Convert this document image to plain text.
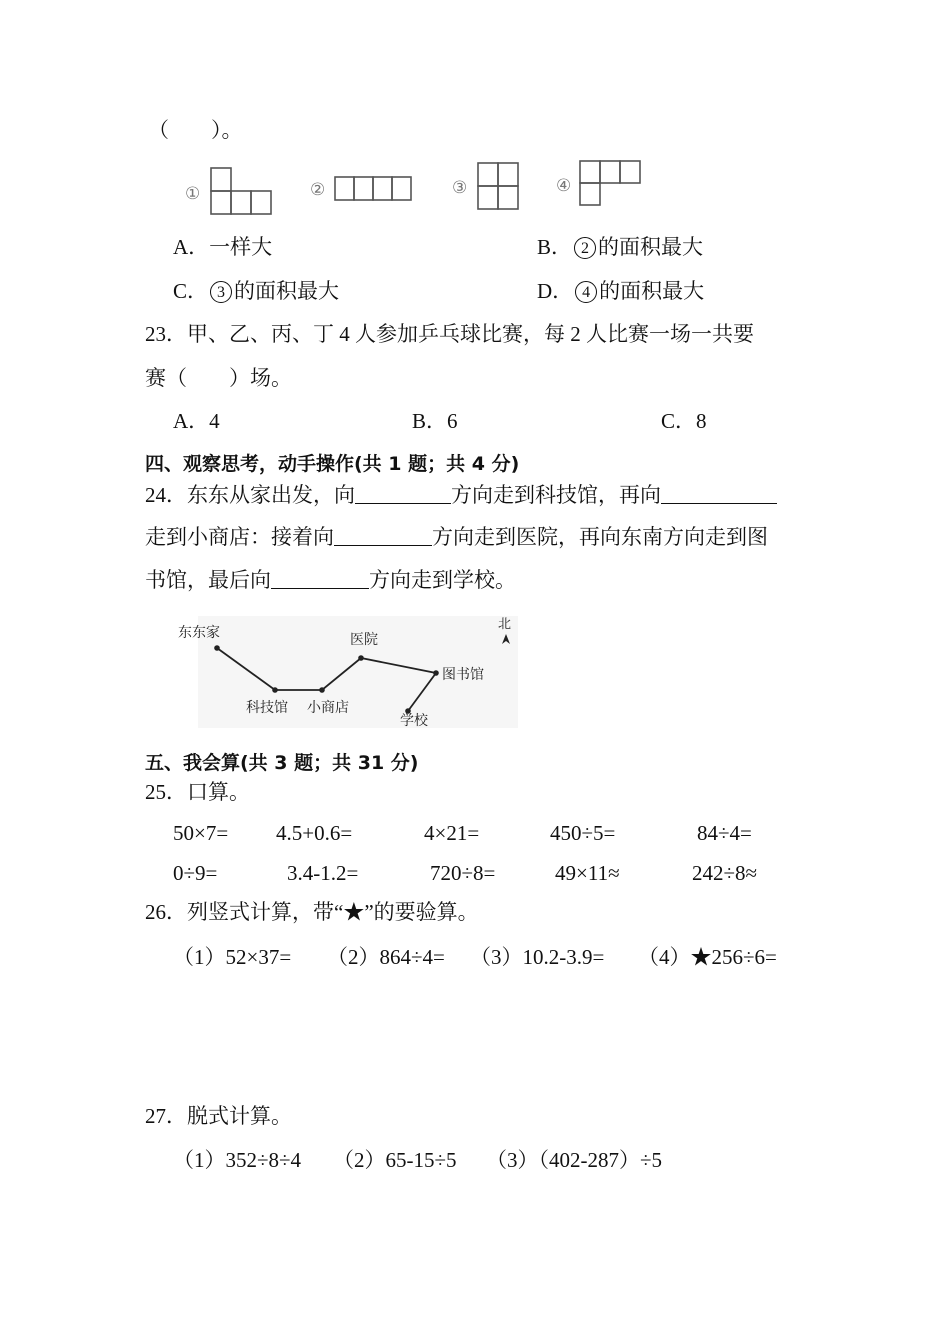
（　　）。
①	②	③	④
A．一样大	B． 2 的面积最大
C． 3 的面积最大	D． 4 的面积最大
23．甲、乙、丙、丁 4 人参加乒乓球比赛，每 2 人比赛一场一共要
赛（　　）场。
A．4	B．6	C．8
四、观察思考，动手操作(共 1 题；共 4 分)
24．东东从家出发，向	方向走到科技馆，再向
走到小商店：接着向	方向走到医院，再向东南方向走到图
书馆，最后向	方向走到学校。
东东家
科技馆 小商店
医院
图书馆
学校
北
五、我会算(共 3 题；共 31 分)
25．口算。
50×7= 4.5+0.6=	4×21=	450÷5=	84÷4=
0÷9=	3.4-1.2=	720÷8=	49×11≈	242÷8≈
26．列竖式计算，带“★”的要验算。
（1）52×37= （2）864÷4= （3）10.2-3.9= （4）★256÷6=
27．脱式计算。
（1）352÷8÷4 （2）65-15÷5 （3）（402-287）÷5
